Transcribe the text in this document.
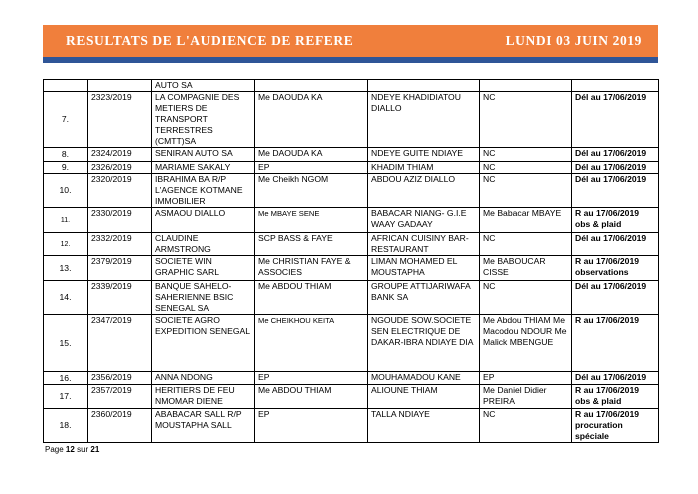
RESULTATS DE L'AUDIENCE DE REFERE	LUNDI 03 JUIN 2019
		AUTO SA				
7.	2323/2019	LA COMPAGNIE DES METIERS DE TRANSPORT TERRESTRES (CMTT)SA	Me DAOUDA KA	NDEYE KHADIDIATOU DIALLO	NC	Dél au 17/06/2019
8.	2324/2019	SENIRAN AUTO SA	Me DAOUDA KA	NDEYE GUITE NDIAYE	NC	Dél au 17/06/2019
9.	2326/2019	MARIAME SAKALY	EP	KHADIM THIAM	NC	Dél au 17/06/2019
10.	2320/2019	IBRAHIMA BA R/P L'AGENCE KOTMANE IMMOBILIER	Me Cheikh NGOM	ABDOU AZIZ DIALLO	NC	Dél au 17/06/2019
11.	2330/2019	ASMAOU DIALLO	Me MBAYE SENE	BABACAR NIANG- G.I.E WAAY GADAAY	Me Babacar MBAYE	R au 17/06/2019 obs & plaid
12.	2332/2019	CLAUDINE ARMSTRONG	SCP BASS & FAYE	AFRICAN CUISINY BAR-RESTAURANT	NC	Dél au 17/06/2019
13.	2379/2019	SOCIETE WIN GRAPHIC SARL	Me CHRISTIAN FAYE & ASSOCIES	LIMAN MOHAMED EL MOUSTAPHA	Me BABOUCAR CISSE	R au 17/06/2019 observations
14.	2339/2019	BANQUE SAHELO-SAHERIENNE BSIC SENEGAL SA	Me ABDOU THIAM	GROUPE ATTIJARIWAFA BANK SA	NC	Dél au 17/06/2019
15.	2347/2019	SOCIETE AGRO EXPEDITION SENEGAL	Me CHEIKHOU KEITA	NGOUDE SOW.SOCIETE SEN ELECTRIQUE DE DAKAR-IBRA NDIAYE DIA	Me Abdou THIAM Me Macodou NDOUR Me Malick MBENGUE	R au 17/06/2019
16.	2356/2019	ANNA NDONG	EP	MOUHAMADOU KANE	EP	Dél au 17/06/2019
17.	2357/2019	HERITIERS DE FEU NMOMAR DIENE	Me ABDOU THIAM	ALIOUNE THIAM	Me Daniel Didier PREIRA	R au 17/06/2019 obs & plaid
18.	2360/2019	ABABACAR SALL R/P MOUSTAPHA SALL	EP	TALLA NDIAYE	NC	R au 17/06/2019 procuration spéciale
Page 12 sur 21
